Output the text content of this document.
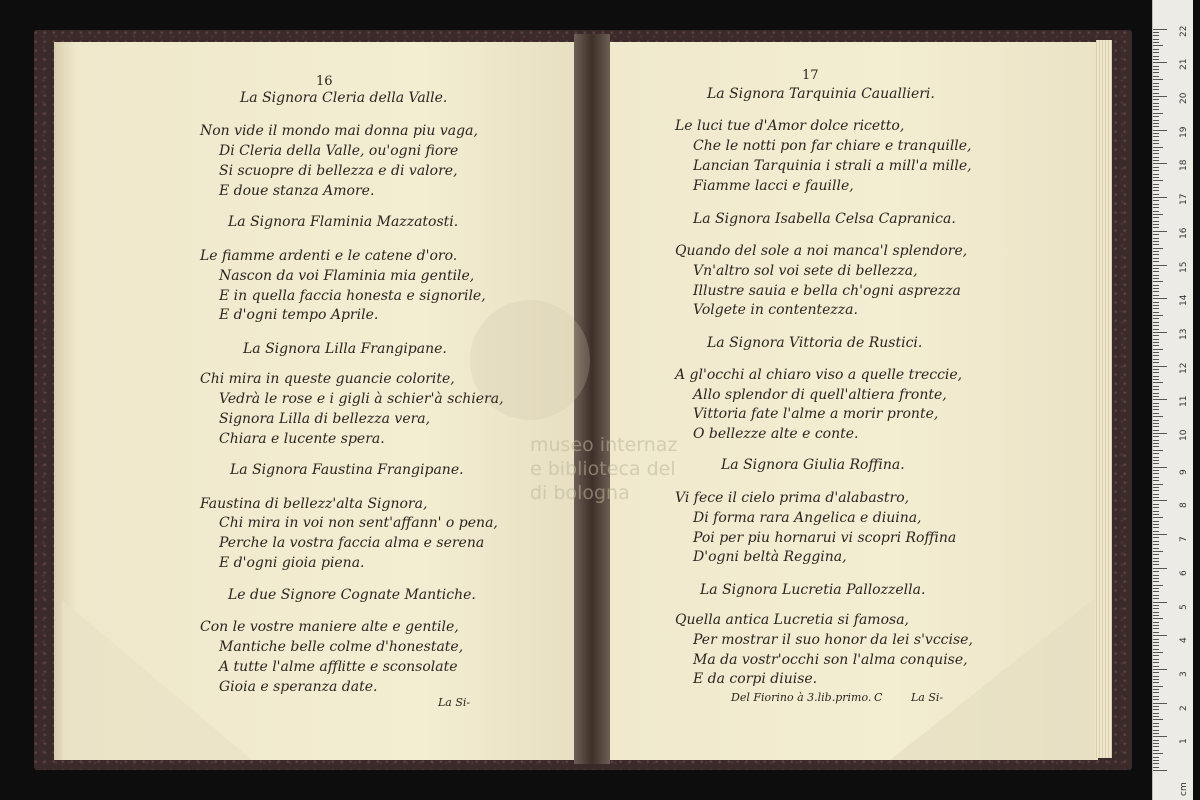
museo internaz
e biblioteca del
di bologna
16
La Signora Cleria della Valle.
Non vide il mondo mai donna piu vaga,
Di Cleria della Valle, ou'ogni fiore
Si scuopre di bellezza e di valore,
E doue stanza Amore.
La Signora Flaminia Mazzatosti.
Le fiamme ardenti e le catene d'oro.
Nascon da voi Flaminia mia gentile,
E in quella faccia honesta e signorile,
E d'ogni tempo Aprile.
La Signora Lilla Frangipane.
Chi mira in queste guancie colorite,
Vedrà le rose e i gigli à schier'à schiera,
Signora Lilla di bellezza vera,
Chiara e lucente spera.
La Signora Faustina Frangipane.
Faustina di bellezz'alta Signora,
Chi mira in voi non sent'affann' o pena,
Perche la vostra faccia alma e serena
E d'ogni gioia piena.
Le due Signore Cognate Mantiche.
Con le vostre maniere alte e gentile,
Mantiche belle colme d'honestate,
A tutte l'alme afflitte e sconsolate
Gioia e speranza date.
La Si-
17
La Signora Tarquinia Cauallieri.
Le luci tue d'Amor dolce ricetto,
Che le notti pon far chiare e tranquille,
Lancian Tarquinia i strali a mill'a mille,
Fiamme lacci e fauille,
La Signora Isabella Celsa Capranica.
Quando del sole a noi manca'l splendore,
Vn'altro sol voi sete di bellezza,
Illustre sauia e bella ch'ogni asprezza
Volgete in contentezza.
La Signora Vittoria de Rustici.
A gl'occhi al chiaro viso a quelle treccie,
Allo splendor di quell'altiera fronte,
Vittoria fate l'alme a morir pronte,
O bellezze alte e conte.
La Signora Giulia Roffina.
Vi fece il cielo prima d'alabastro,
Di forma rara Angelica e diuina,
Poi per piu hornarui vi scopri Roffina
D'ogni beltà Reggina,
La Signora Lucretia Pallozzella.
Quella antica Lucretia si famosa,
Per mostrar il suo honor da lei s'vccise,
Ma da vostr'occhi son l'alma conquise,
E da corpi diuise.
Del Fiorino à 3.lib.primo. C	La Si-
1
2
3
4
5
6
7
8
9
10
11
12
13
14
15
16
17
18
19
20
21
22
cm
